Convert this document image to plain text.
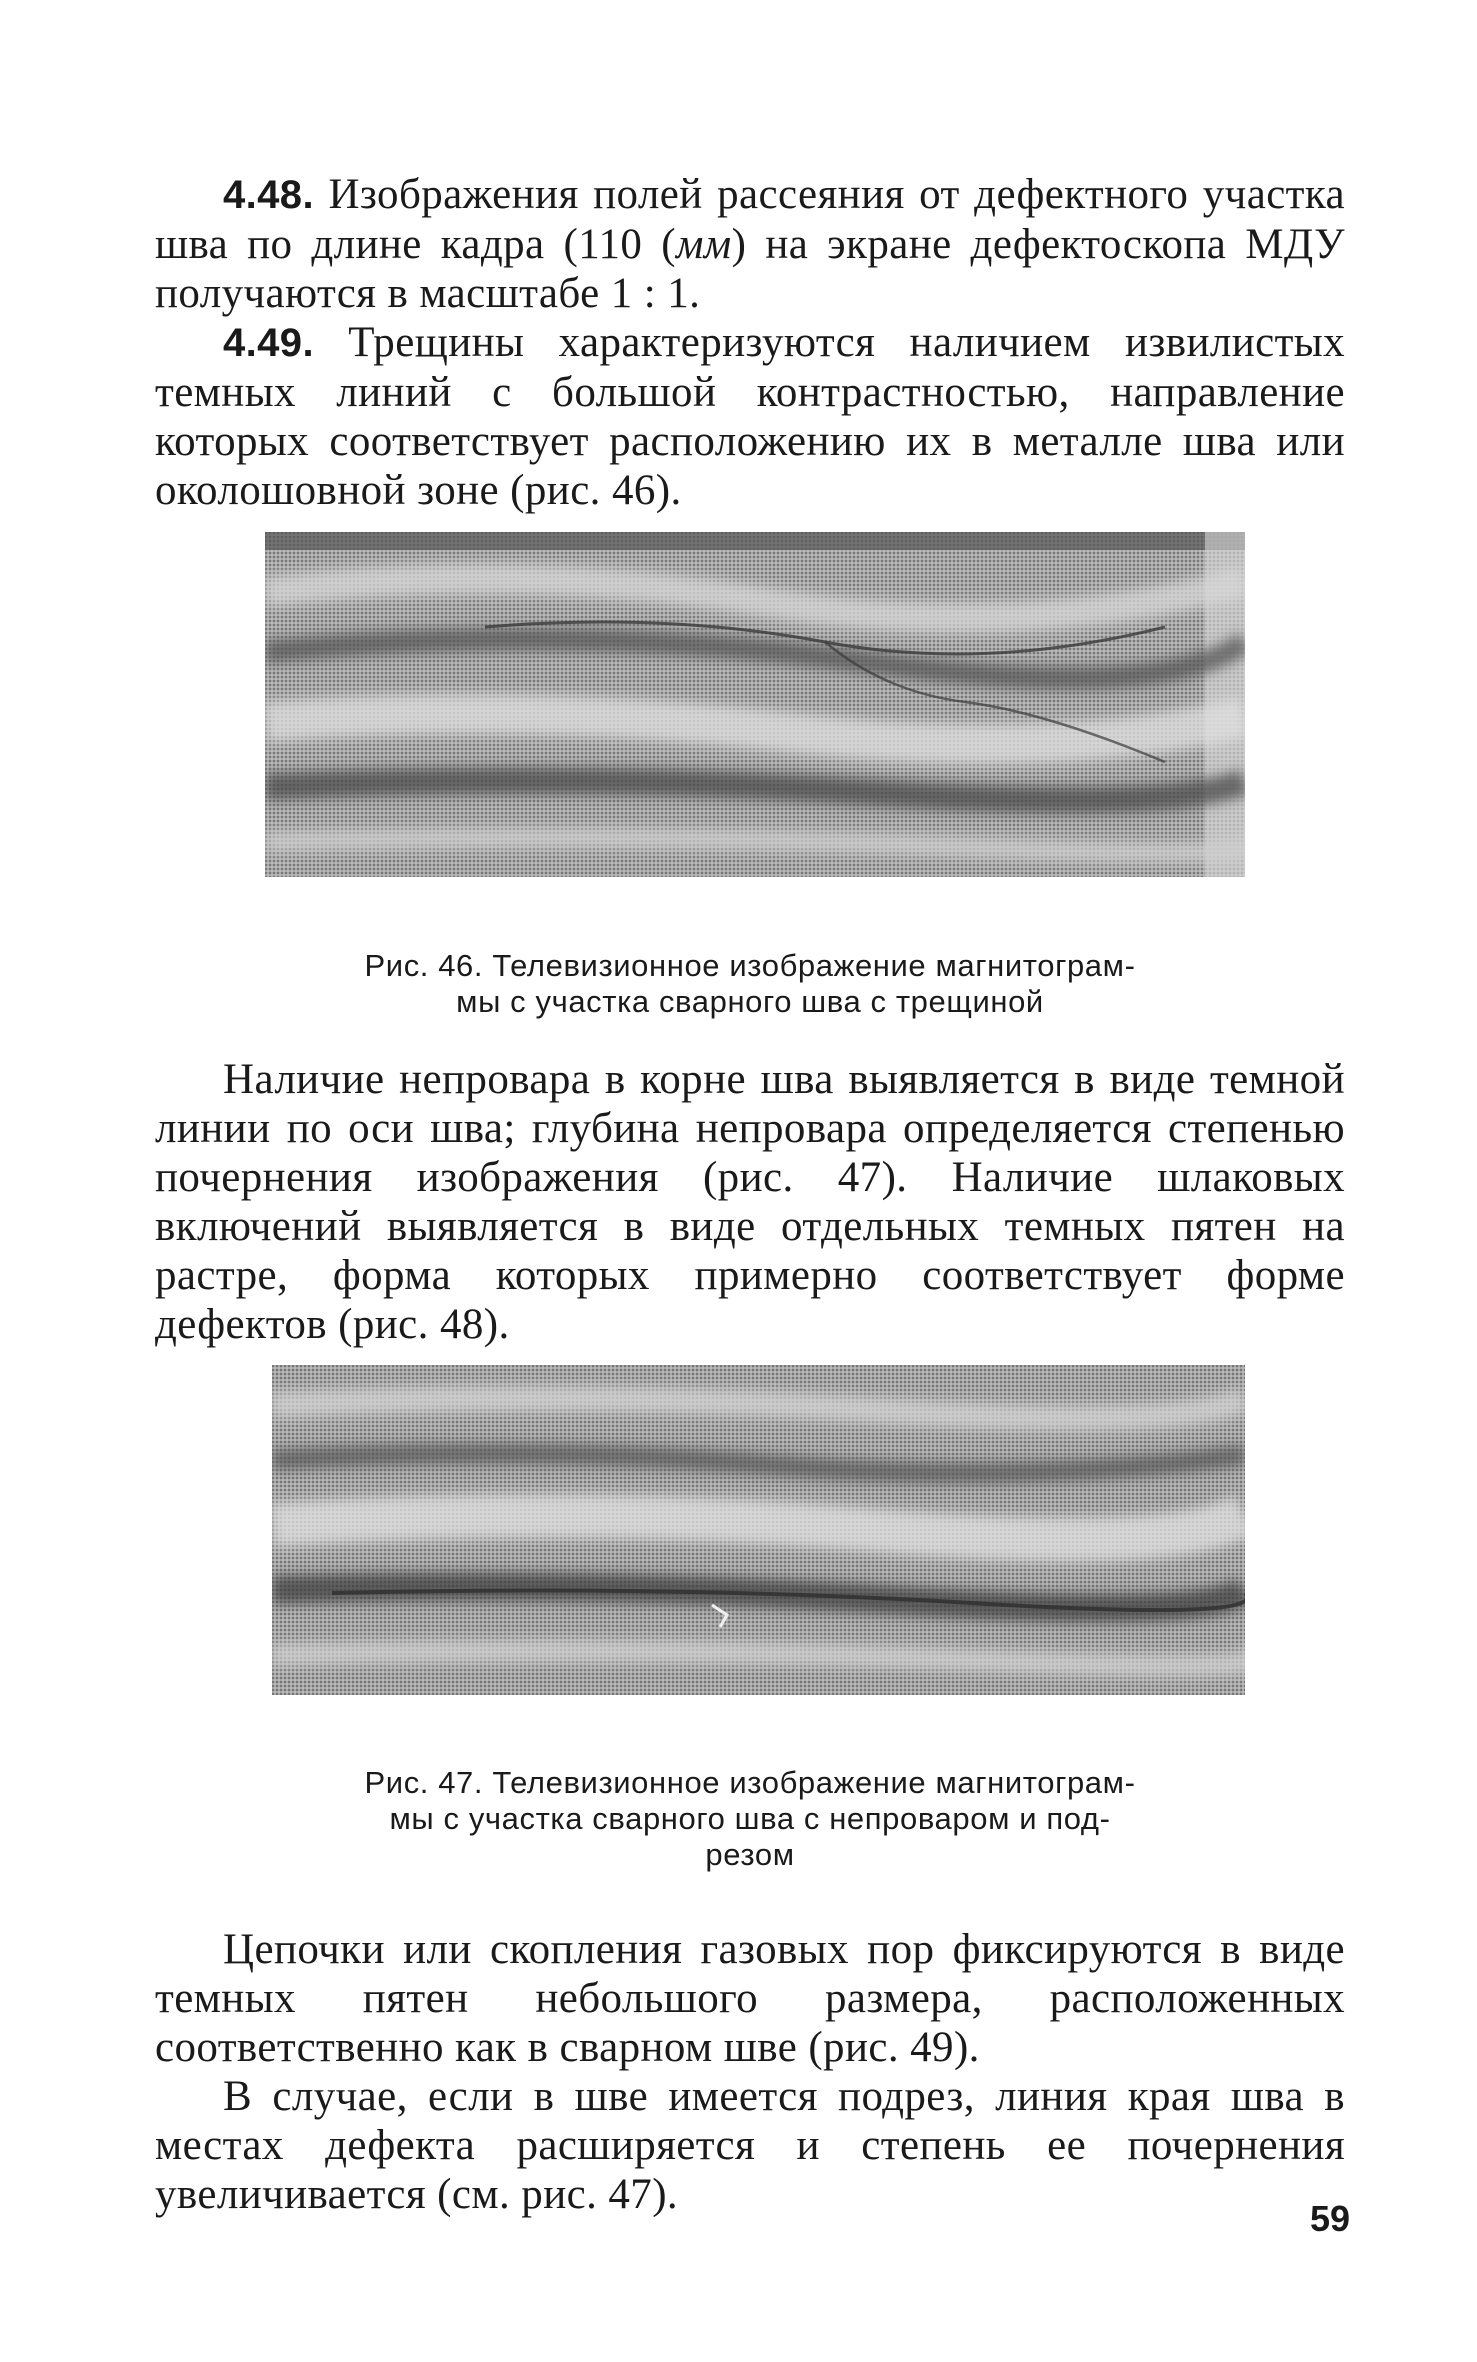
4.48. Изображения полей рассеяния от дефектного участка шва по длине кадра (110 (мм) на экране дефектоскопа МДУ получаются в масштабе 1 : 1.

4.49. Трещины характеризуются наличием извилистых темных линий с большой контрастностью, направление которых соответствует расположению их в металле шва или околошовной зоне (рис. 46).

Рис. 46. Телевизионное изображение магнитограм-
мы с участка сварного шва с трещиной

Наличие непровара в корне шва выявляется в виде темной линии по оси шва; глубина непровара определяется степенью почернения изображения (рис. 47). Наличие шлаковых включений выявляется в виде отдельных темных пятен на растре, форма которых примерно соответствует форме дефектов (рис. 48).

Рис. 47. Телевизионное изображение магнитограм-
мы с участка сварного шва с непроваром и под-
резом

Цепочки или скопления газовых пор фиксируются в виде темных пятен небольшого размера, расположенных соответственно как в сварном шве (рис. 49).

В случае, если в шве имеется подрез, линия края шва в местах дефекта расширяется и степень ее почернения увеличивается (см. рис. 47).

59
